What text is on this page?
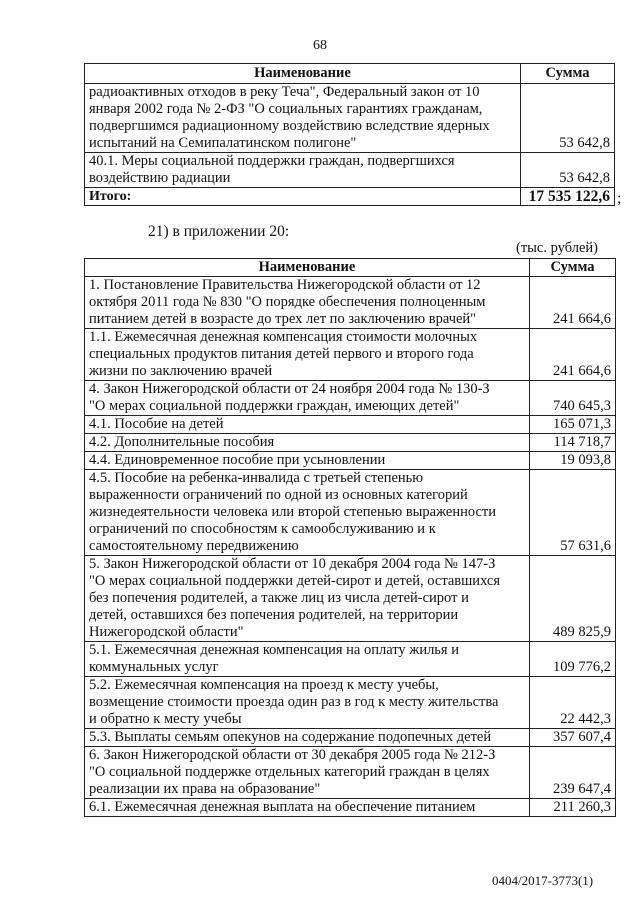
68
Наименование	Сумма
радиоактивных отходов в реку Теча", Федеральный закон от 10
января 2002 года № 2-ФЗ "О социальных гарантиях гражданам,
подвергшимся радиационному воздействию вследствие ядерных
испытаний на Семипалатинском полигоне"	53 642,8
40.1. Меры социальной поддержки граждан, подвергшихся
воздействию радиации	53 642,8
Итого:	17 535 122,6 ;
21) в приложении 20:
(тыс. рублей)
Наименование	Сумма
1. Постановление Правительства Нижегородской области от 12
октября 2011 года № 830 "О порядке обеспечения полноценным
питанием детей в возрасте до трех лет по заключению врачей"	241 664,6
1.1. Ежемесячная денежная компенсация стоимости молочных
специальных продуктов питания детей первого и второго года
жизни по заключению врачей	241 664,6
4. Закон Нижегородской области от 24 ноября 2004 года № 130-З
"О мерах социальной поддержки граждан, имеющих детей"	740 645,3
4.1. Пособие на детей	165 071,3
4.2. Дополнительные пособия	114 718,7
4.4. Единовременное пособие при усыновлении	19 093,8
4.5. Пособие на ребенка-инвалида с третьей степенью
выраженности ограничений по одной из основных категорий
жизнедеятельности человека или второй степенью выраженности
ограничений по способностям к самообслуживанию и к
самостоятельному передвижению	57 631,6
5. Закон Нижегородской области от 10 декабря 2004 года № 147-З
"О мерах социальной поддержки детей-сирот и детей, оставшихся
без попечения родителей, а также лиц из числа детей-сирот и
детей, оставшихся без попечения родителей, на территории
Нижегородской области"	489 825,9
5.1. Ежемесячная денежная компенсация на оплату жилья и
коммунальных услуг	109 776,2
5.2. Ежемесячная компенсация на проезд к месту учебы,
возмещение стоимости проезда один раз в год к месту жительства
и обратно к месту учебы	22 442,3
5.3. Выплаты семьям опекунов на содержание подопечных детей	357 607,4
6. Закон Нижегородской области от 30 декабря 2005 года № 212-З
"О социальной поддержке отдельных категорий граждан в целях
реализации их права на образование"	239 647,4
6.1. Ежемесячная денежная выплата на обеспечение питанием	211 260,3
0404/2017-3773(1)
